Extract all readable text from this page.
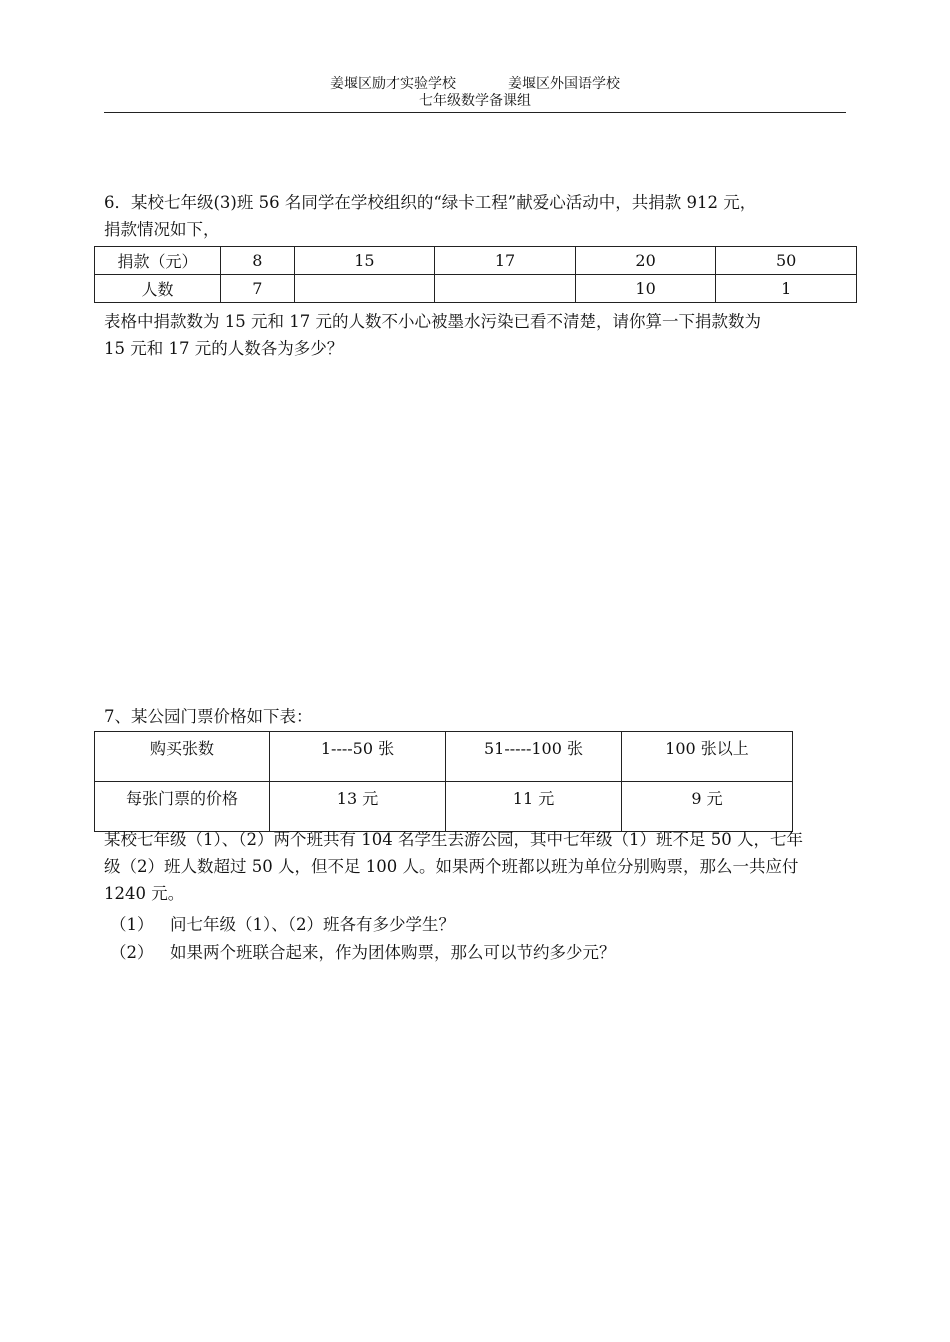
姜堰区励才实验学校	姜堰区外国语学校
七年级数学备课组
6．某校七年级(3)班 56 名同学在学校组织的“绿卡工程”献爱心活动中，共捐款 912 元，
捐款情况如下，
捐款（元）	8	15	17	20	50
人数	7			10	1
表格中捐款数为 15 元和 17 元的人数不小心被墨水污染已看不清楚，请你算一下捐款数为
15 元和 17 元的人数各为多少？
7、某公园门票价格如下表：
购买张数	1----50 张	51-----100 张	100 张以上
每张门票的价格	13 元	11 元	9 元
某校七年级（1）、（2）两个班共有 104 名学生去游公园，其中七年级（1）班不足 50 人，七年
级（2）班人数超过 50 人，但不足 100 人。如果两个班都以班为单位分别购票，那么一共应付
1240 元。
（1） 问七年级（1）、（2）班各有多少学生？
（2） 如果两个班联合起来，作为团体购票，那么可以节约多少元？
